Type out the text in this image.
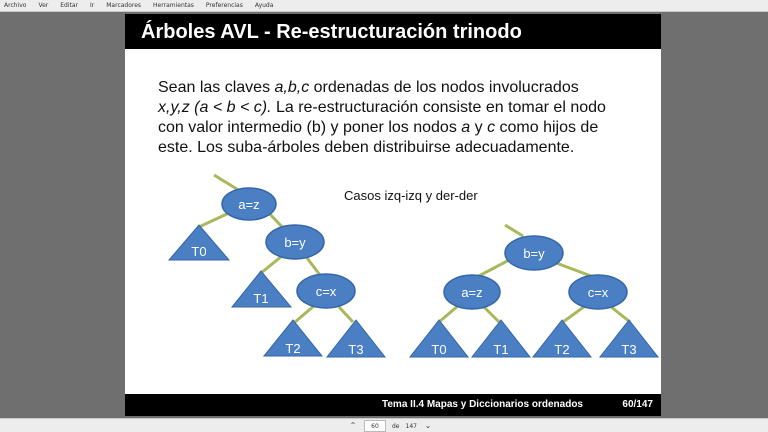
Archivo Ver Editar Ir Marcadores Herramientas Preferencias Ayuda
Árboles AVL - Re-estructuración trinodo
Sean las claves a,b,c ordenadas de los nodos involucrados
x,y,z (a < b < c). La re-estructuración consiste en tomar el nodo
con valor intermedio (b) y poner los nodos a y c como hijos de
este. Los suba-árboles deben distribuirse adecuadamente.
Casos izq-izq y der-der
a=z
b=y
c=x
T0
T1
T2	T3
b=y
a=z	c=x
T0	T1	T2	T3
Tema II.4 Mapas y Diccionarios ordenados	60/147
⌃
60	de 147 ⌄
